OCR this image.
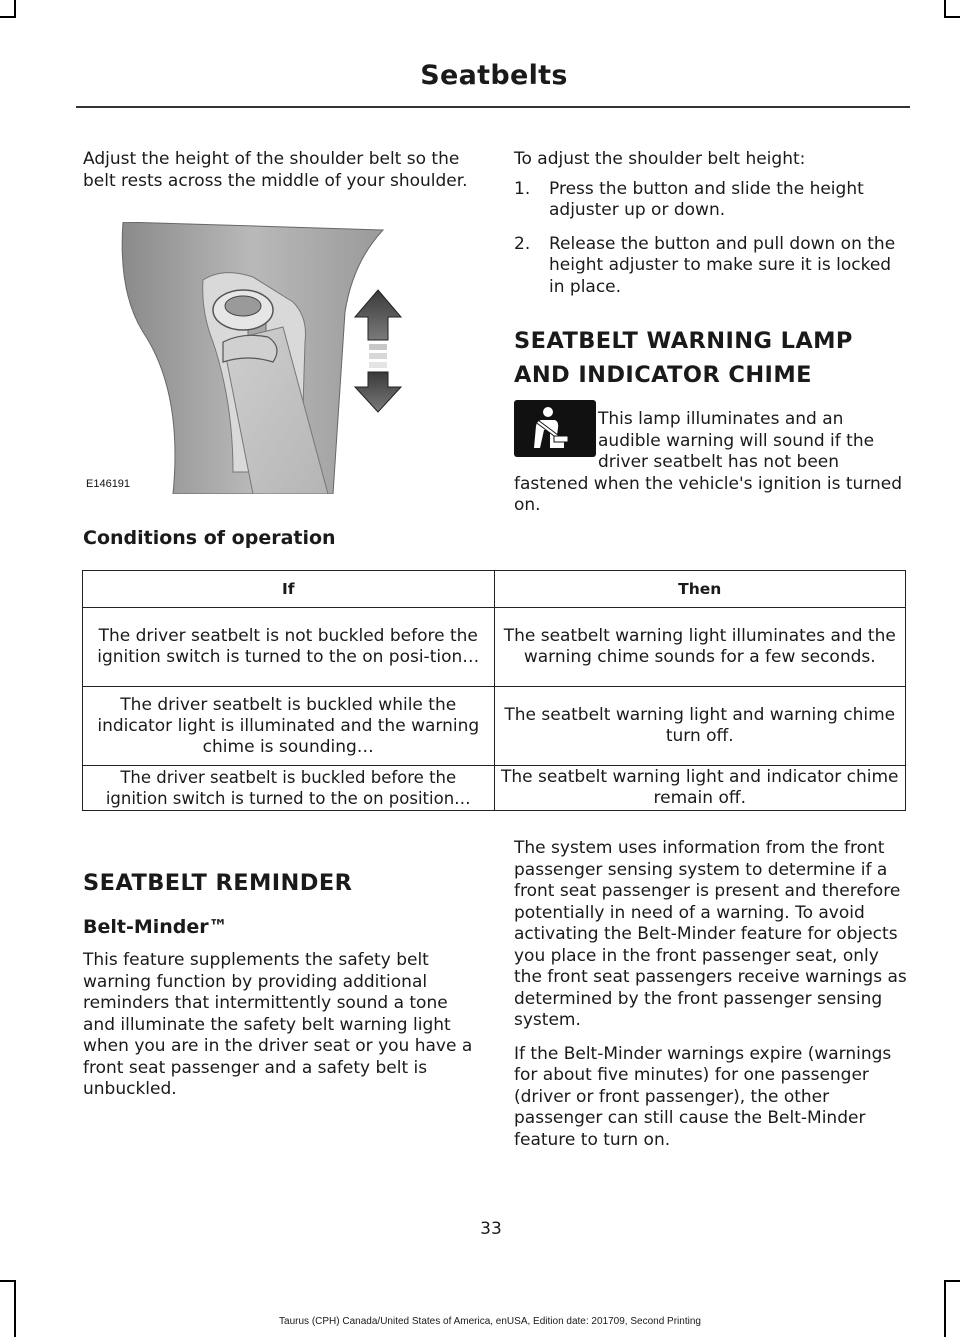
Seatbelts

Adjust the height of the shoulder belt so the belt rests across the middle of your shoulder.

E146191

To adjust the shoulder belt height:

1. Press the button and slide the height adjuster up or down.
2. Release the button and pull down on the height adjuster to make sure it is locked in place.
SEATBELT WARNING LAMP
AND INDICATOR CHIME

This lamp illuminates and an audible warning will sound if the driver seatbelt has not been fastened when the vehicle's ignition is turned on.

Conditions of operation
If	Then
The driver seatbelt is not buckled before the ignition switch is turned to the on posi-tion…	The seatbelt warning light illuminates and the warning chime sounds for a few seconds.
The driver seatbelt is buckled while the indicator light is illuminated and the warning chime is sounding…	The seatbelt warning light and warning chime turn off.
The driver seatbelt is buckled before the ignition switch is turned to the on position…	The seatbelt warning light and indicator chime remain off.
SEATBELT REMINDER
Belt-Minder™

This feature supplements the safety belt warning function by providing additional reminders that intermittently sound a tone and illuminate the safety belt warning light when you are in the driver seat or you have a front seat passenger and a safety belt is unbuckled.

The system uses information from the front passenger sensing system to determine if a front seat passenger is present and therefore potentially in need of a warning. To avoid activating the Belt-Minder feature for objects you place in the front passenger seat, only the front seat passengers receive warnings as determined by the front passenger sensing system.

If the Belt-Minder warnings expire (warnings for about five minutes) for one passenger (driver or front passenger), the other passenger can still cause the Belt-Minder feature to turn on.

33
Taurus (CPH) Canada/United States of America, enUSA, Edition date: 201709, Second Printing
